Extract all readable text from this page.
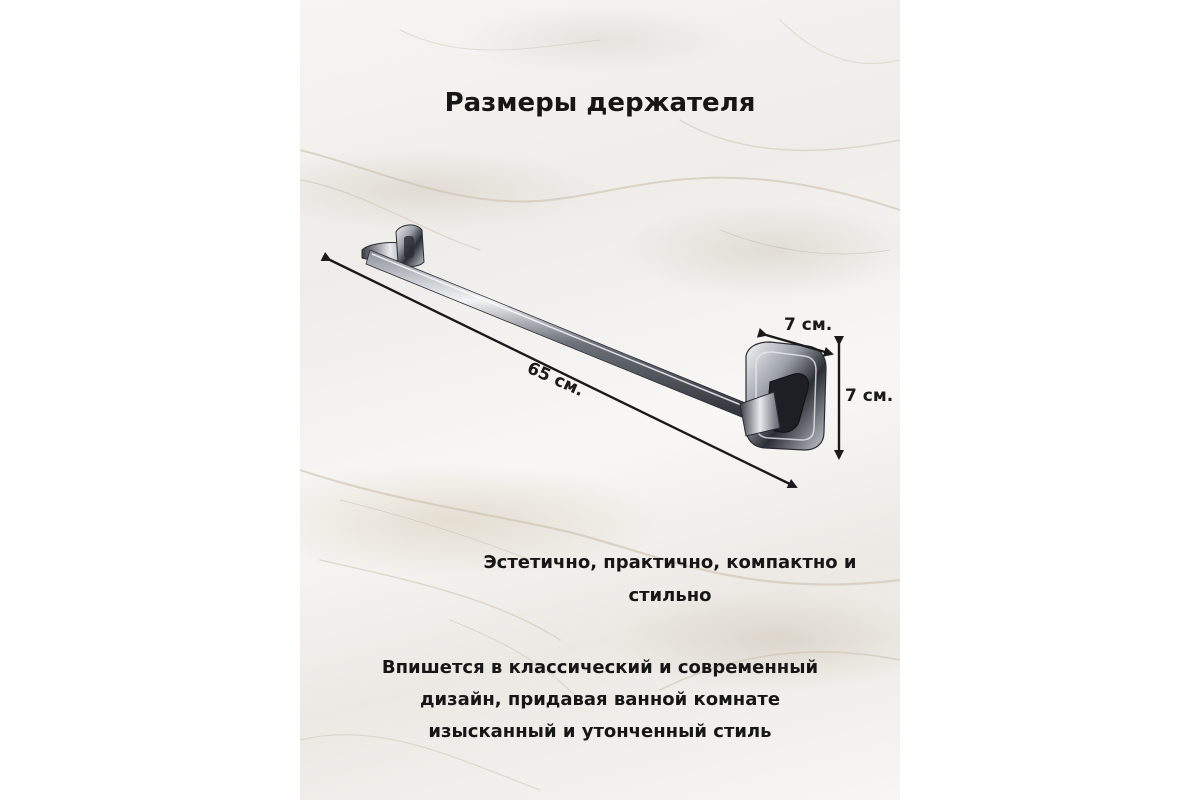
Размеры держателя
65 см.
7 см.
7 см.

Эстетично, практично, компактно и
стильно

Впишется в классический и современный
дизайн, придавая ванной комнате
изысканный и утонченный стиль
